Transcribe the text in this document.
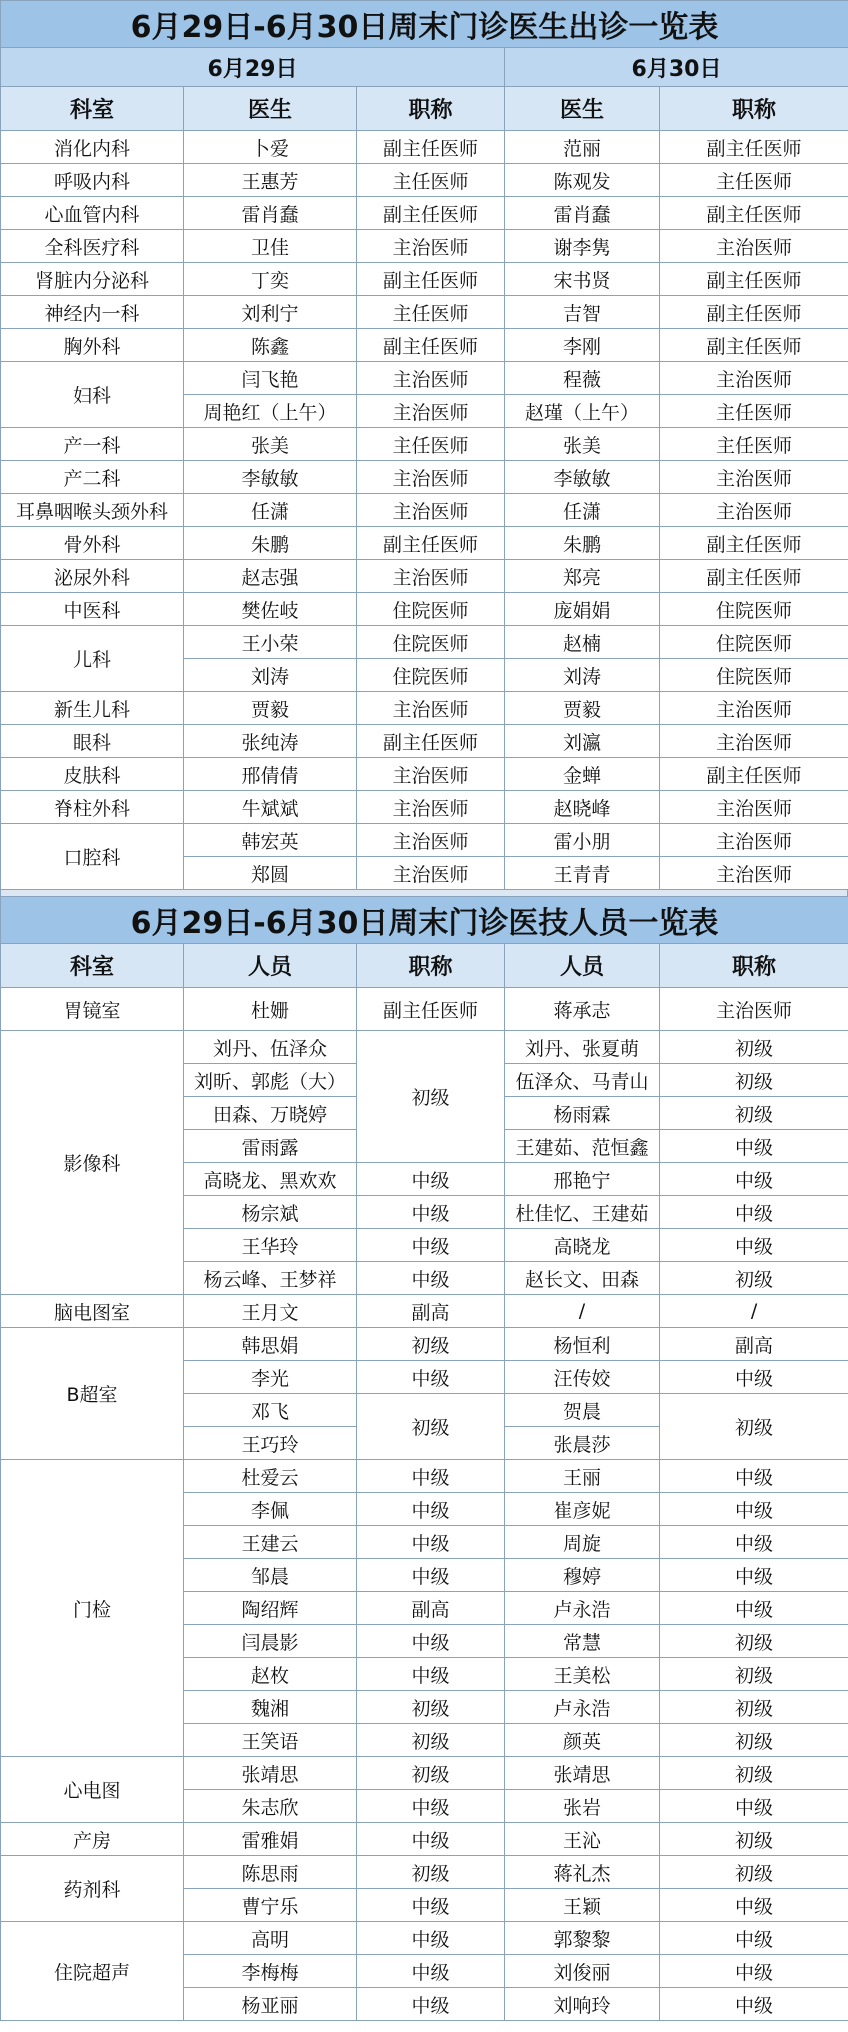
6月29日-6月30日周末门诊医生出诊一览表				
6月29日			6月30日	
科室	医生	职称	医生	职称
消化内科	卜爱	副主任医师	范丽	副主任医师
呼吸内科	王惠芳	主任医师	陈观发	主任医师
心血管内科	雷肖蠢	副主任医师	雷肖蠢	副主任医师
全科医疗科	卫佳	主治医师	谢李隽	主治医师
肾脏内分泌科	丁奕	副主任医师	宋书贤	副主任医师
神经内一科	刘利宁	主任医师	吉智	副主任医师
胸外科	陈鑫	副主任医师	李刚	副主任医师
妇科	闫飞艳	主治医师	程薇	主治医师
	周艳红（上午）	主治医师	赵瑾（上午）	主任医师
产一科	张美	主任医师	张美	主任医师
产二科	李敏敏	主治医师	李敏敏	主治医师
耳鼻咽喉头颈外科	任潇	主治医师	任潇	主治医师
骨外科	朱鹏	副主任医师	朱鹏	副主任医师
泌尿外科	赵志强	主治医师	郑亮	副主任医师
中医科	樊佐岐	住院医师	庞娟娟	住院医师
儿科	王小荣	住院医师	赵楠	住院医师
	刘涛	住院医师	刘涛	住院医师
新生儿科	贾毅	主治医师	贾毅	主治医师
眼科	张纯涛	副主任医师	刘瀛	主治医师
皮肤科	邢倩倩	主治医师	金蝉	副主任医师
脊柱外科	牛斌斌	主治医师	赵晓峰	主治医师
口腔科	韩宏英	主治医师	雷小朋	主治医师
	郑圆	主治医师	王青青	主治医师
6月29日-6月30日周末门诊医技人员一览表				
科室	人员	职称	人员	职称
胃镜室	杜姗	副主任医师	蒋承志	主治医师
影像科	刘丹、伍泽众	初级	刘丹、张夏萌	初级
	刘昕、郭彪（大）		伍泽众、马青山	初级
	田森、万晓婷		杨雨霖	初级
	雷雨露		王建茹、范恒鑫	中级
	高晓龙、黑欢欢	中级	邢艳宁	中级
	杨宗斌	中级	杜佳忆、王建茹	中级
	王华玲	中级	高晓龙	中级
	杨云峰、王梦祥	中级	赵长文、田森	初级
脑电图室	王月文	副高	/	/
B超室	韩思娟	初级	杨恒利	副高
	李光	中级	汪传姣	中级
	邓飞	初级	贺晨	初级
	王巧玲		张晨莎	
门检	杜爱云	中级	王丽	中级
	李佩	中级	崔彦妮	中级
	王建云	中级	周旋	中级
	邹晨	中级	穆婷	中级
	陶绍辉	副高	卢永浩	中级
	闫晨影	中级	常慧	初级
	赵枚	中级	王美松	初级
	魏湘	初级	卢永浩	初级
	王笑语	初级	颜英	初级
心电图	张靖思	初级	张靖思	初级
	朱志欣	中级	张岩	中级
产房	雷雅娟	中级	王沁	初级
药剂科	陈思雨	初级	蒋礼杰	初级
	曹宁乐	中级	王颖	中级
住院超声	高明	中级	郭黎黎	中级
	李梅梅	中级	刘俊丽	中级
	杨亚丽	中级	刘响玲	中级
